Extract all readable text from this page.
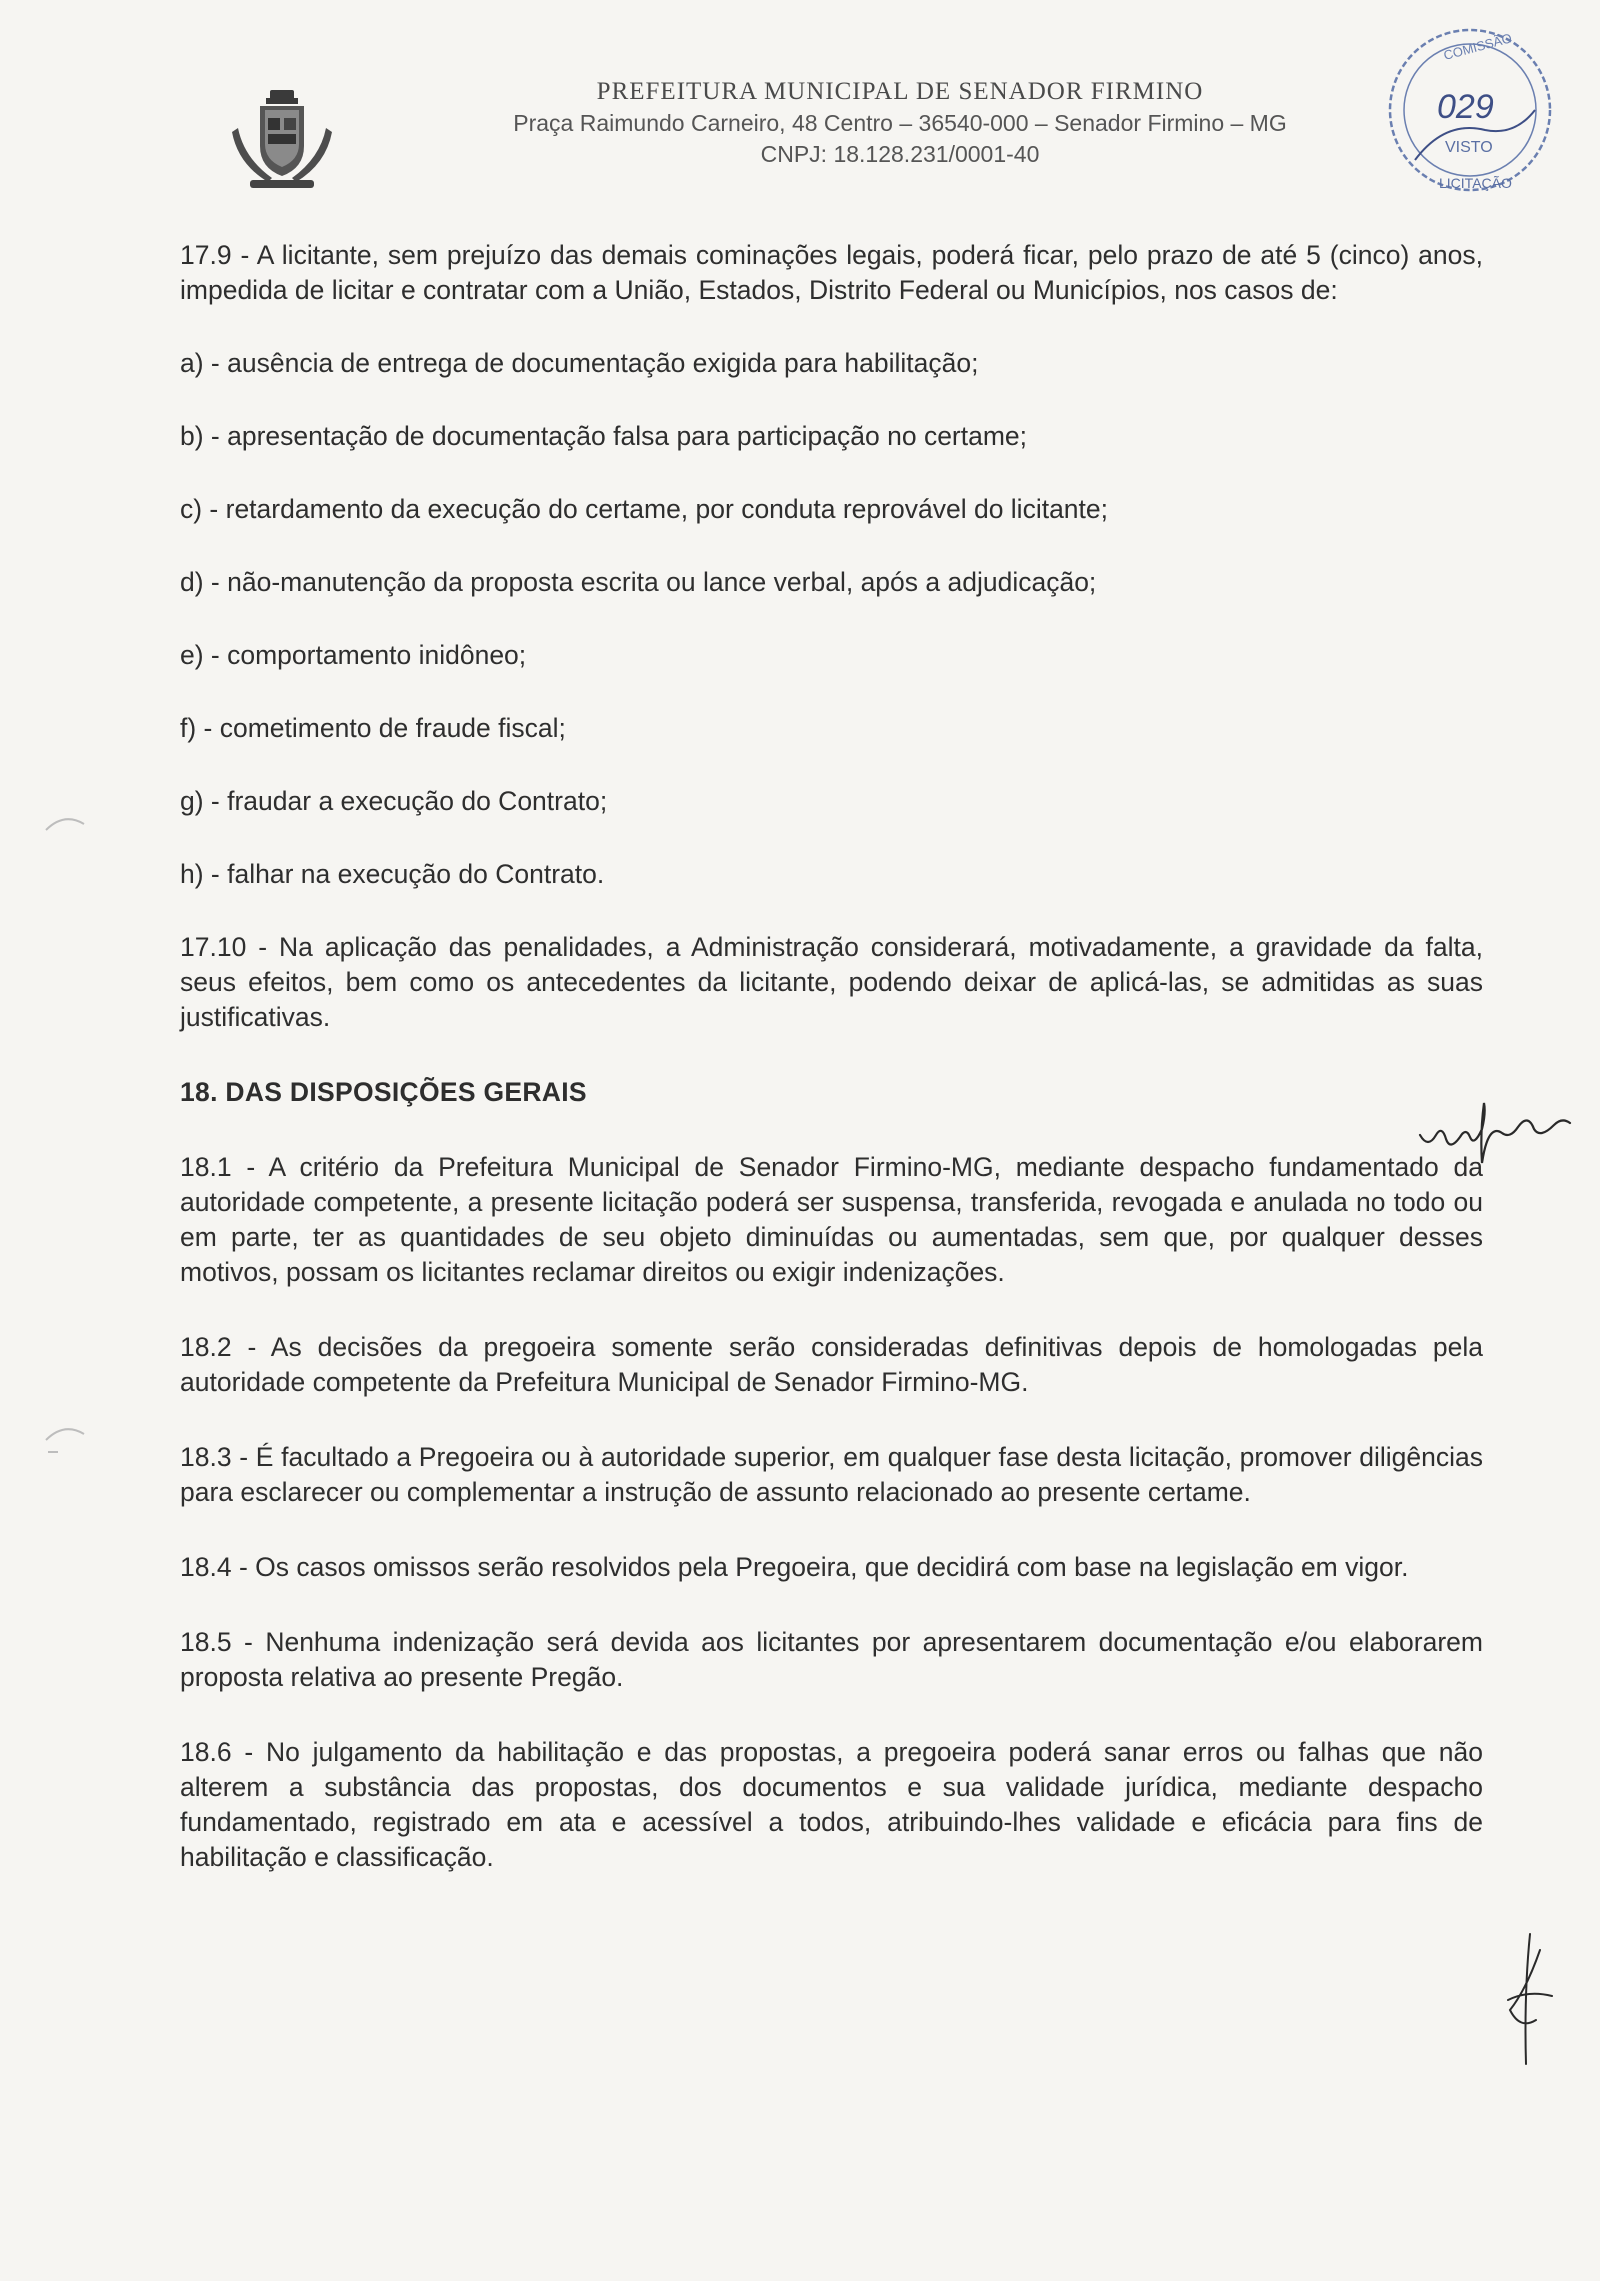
PREFEITURA MUNICIPAL DE SENADOR FIRMINO
Praça Raimundo Carneiro, 48 Centro – 36540-000 – Senador Firmino – MG
CNPJ: 18.128.231/0001-40
COMISSÃO
029
VISTO
LICITAÇÃO

17.9 - A licitante, sem prejuízo das demais cominações legais, poderá ficar, pelo prazo de até 5 (cinco) anos, impedida de licitar e contratar com a União, Estados, Distrito Federal ou Municípios, nos casos de:

a) - ausência de entrega de documentação exigida para habilitação;

b) - apresentação de documentação falsa para participação no certame;

c) - retardamento da execução do certame, por conduta reprovável do licitante;

d) - não-manutenção da proposta escrita ou lance verbal, após a adjudicação;

e) - comportamento inidôneo;

f) - cometimento de fraude fiscal;

g) - fraudar a execução do Contrato;

h) - falhar na execução do Contrato.

17.10 - Na aplicação das penalidades, a Administração considerará, motivadamente, a gravidade da falta, seus efeitos, bem como os antecedentes da licitante, podendo deixar de aplicá-las, se admitidas as suas justificativas.

18. DAS DISPOSIÇÕES GERAIS

18.1 - A critério da Prefeitura Municipal de Senador Firmino-MG, mediante despacho fundamentado da autoridade competente, a presente licitação poderá ser suspensa, transferida, revogada e anulada no todo ou em parte, ter as quantidades de seu objeto diminuídas ou aumentadas, sem que, por qualquer desses motivos, possam os licitantes reclamar direitos ou exigir indenizações.

18.2 - As decisões da pregoeira somente serão consideradas definitivas depois de homologadas pela autoridade competente da Prefeitura Municipal de Senador Firmino-MG.

18.3 - É facultado a Pregoeira ou à autoridade superior, em qualquer fase desta licitação, promover diligências para esclarecer ou complementar a instrução de assunto relacionado ao presente certame.

18.4 - Os casos omissos serão resolvidos pela Pregoeira, que decidirá com base na legislação em vigor.

18.5 - Nenhuma indenização será devida aos licitantes por apresentarem documentação e/ou elaborarem proposta relativa ao presente Pregão.

18.6 - No julgamento da habilitação e das propostas, a pregoeira poderá sanar erros ou falhas que não alterem a substância das propostas, dos documentos e sua validade jurídica, mediante despacho fundamentado, registrado em ata e acessível a todos, atribuindo-lhes validade e eficácia para fins de habilitação e classificação.
